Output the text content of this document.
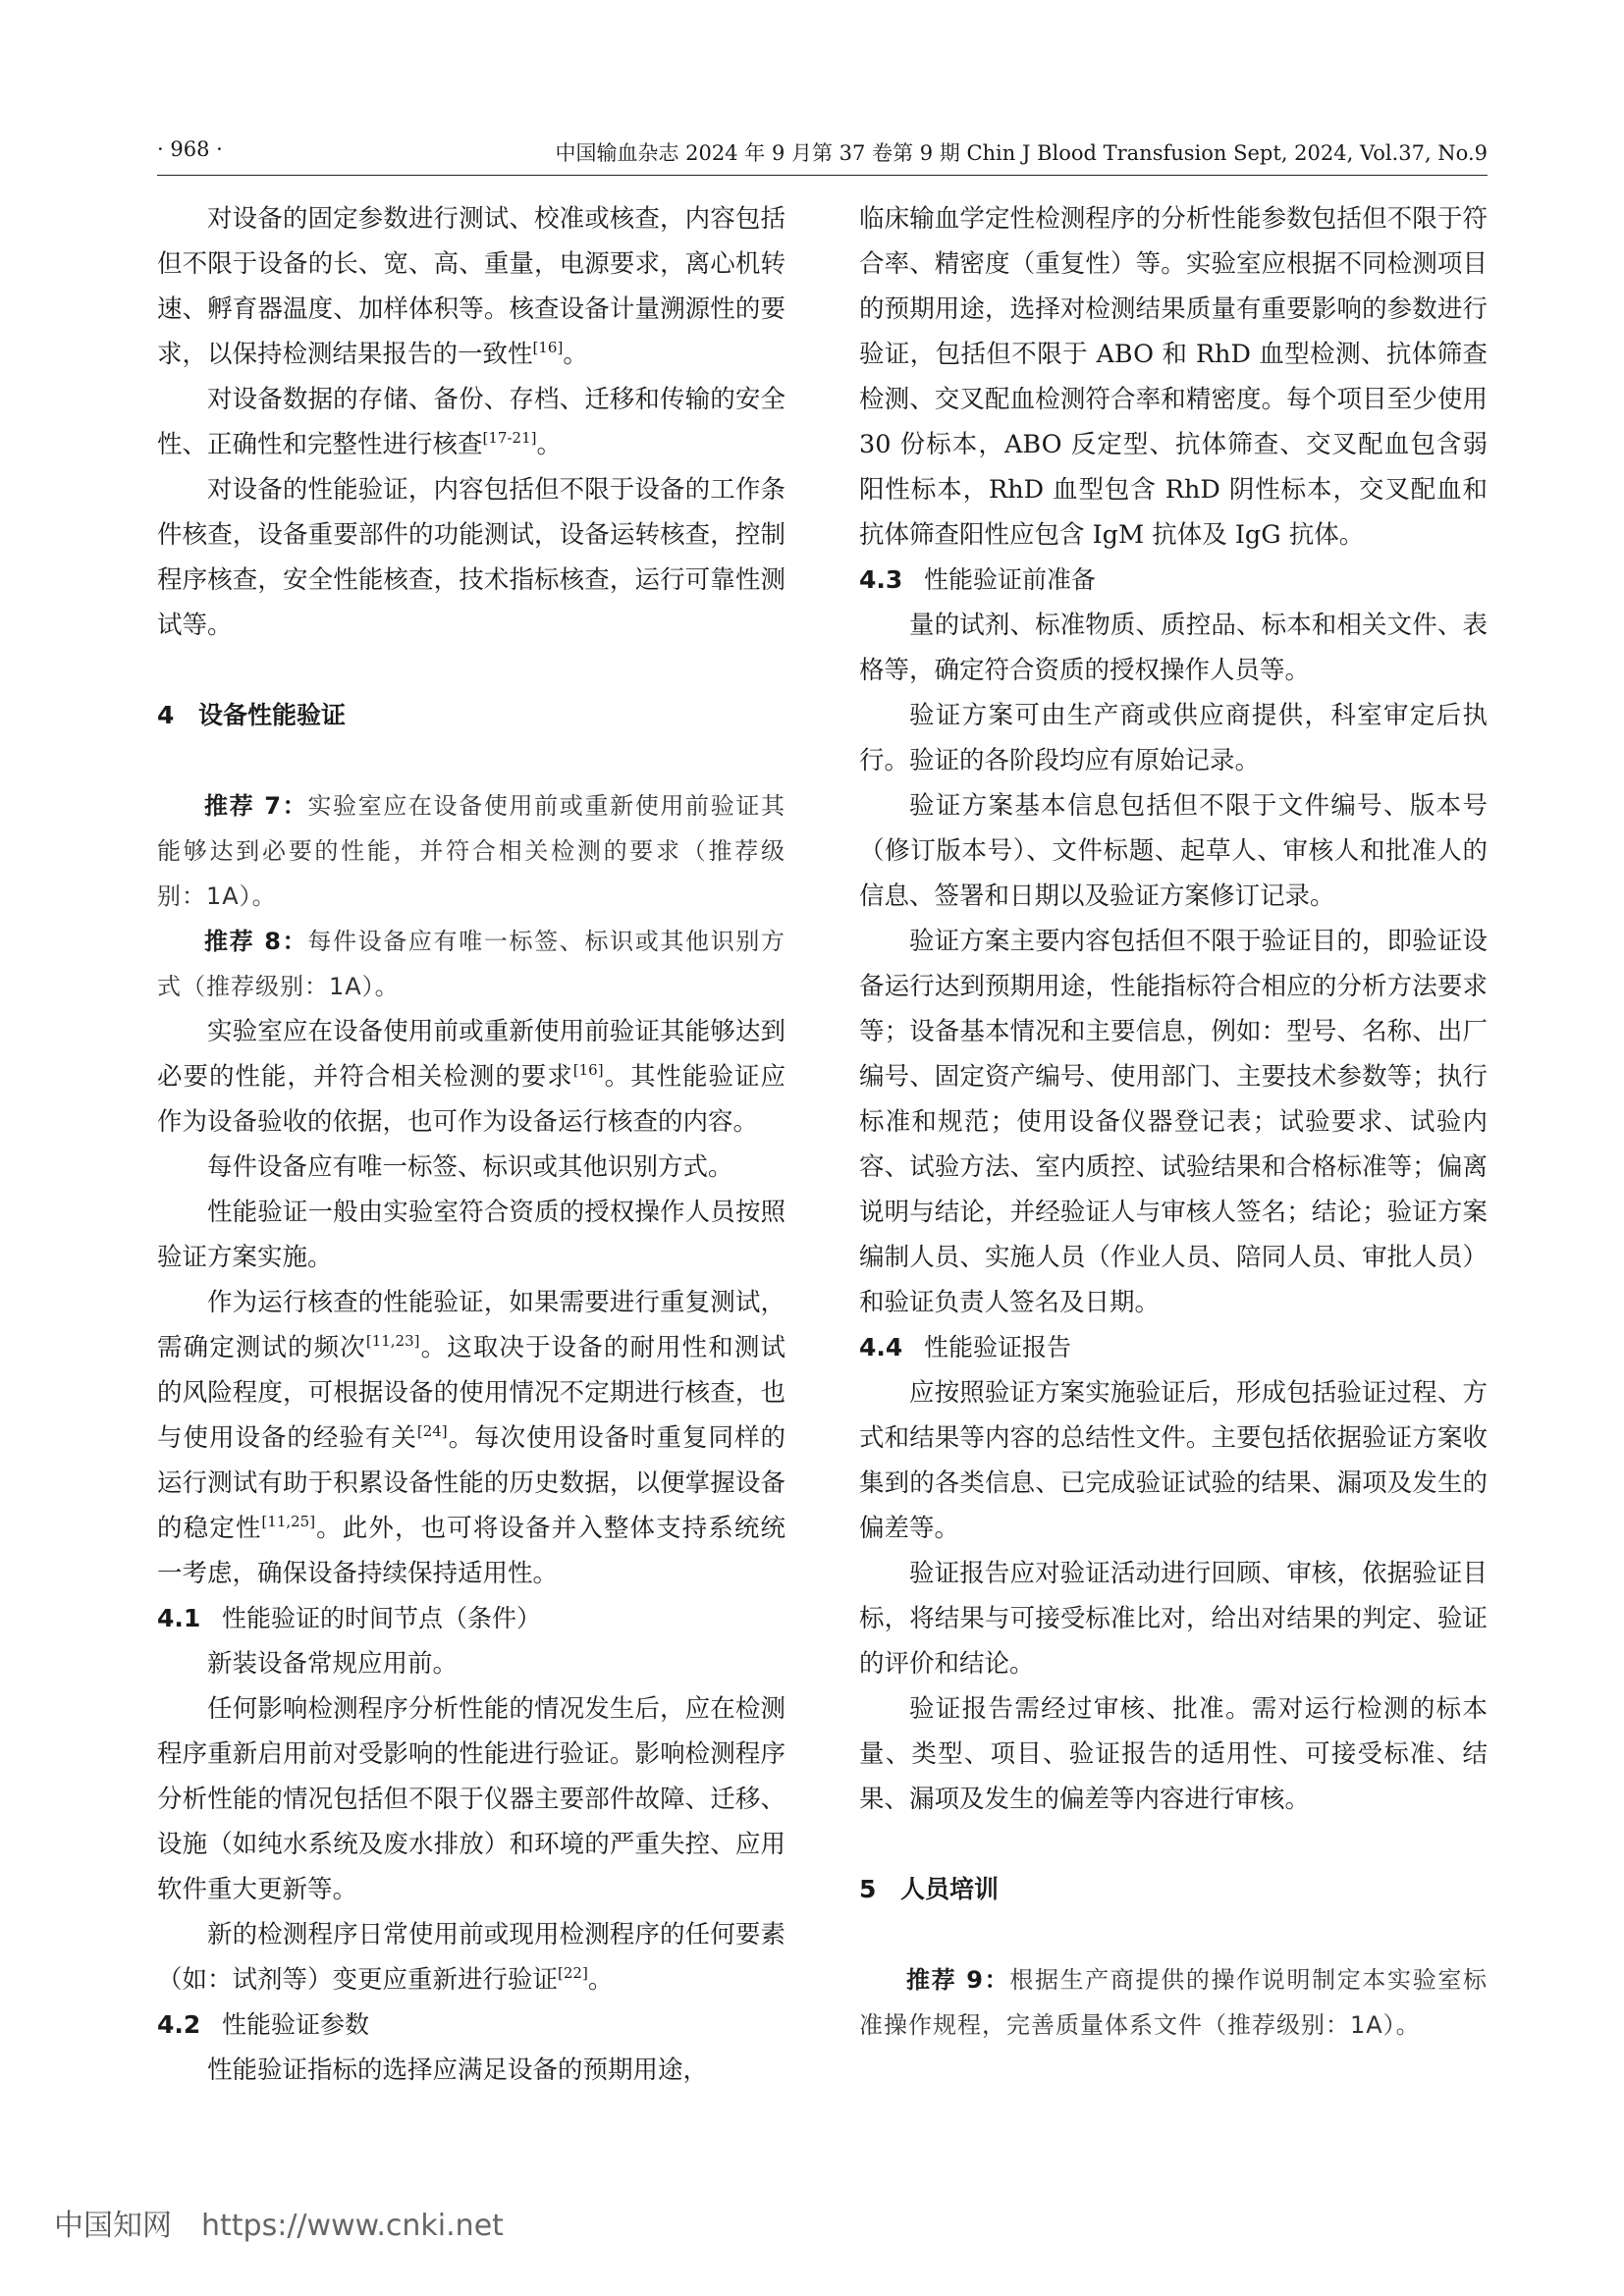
· 968 ·	中国输血杂志 2024 年 9 月第 37 卷第 9 期 Chin J Blood Transfusion Sept, 2024, Vol.37, No.9

对设备的固定参数进行测试、校准或核查，内容包括但不限于设备的长、宽、高、重量，电源要求，离心机转速、孵育器温度、加样体积等。核查设备计量溯源性的要求，以保持检测结果报告的一致性[16]。

对设备数据的存储、备份、存档、迁移和传输的安全性、正确性和完整性进行核查[17-21]。

对设备的性能验证，内容包括但不限于设备的工作条件核查，设备重要部件的功能测试，设备运转核查，控制程序核查，安全性能核查，技术指标核查，运行可靠性测试等。

4 设备性能验证

推荐 7：实验室应在设备使用前或重新使用前验证其能够达到必要的性能，并符合相关检测的要求（推荐级别：1A）。

推荐 8：每件设备应有唯一标签、标识或其他识别方式（推荐级别：1A）。

实验室应在设备使用前或重新使用前验证其能够达到必要的性能，并符合相关检测的要求[16]。其性能验证应作为设备验收的依据，也可作为设备运行核查的内容。

每件设备应有唯一标签、标识或其他识别方式。

性能验证一般由实验室符合资质的授权操作人员按照验证方案实施。

作为运行核查的性能验证，如果需要进行重复测试，需确定测试的频次[11,23]。这取决于设备的耐用性和测试的风险程度，可根据设备的使用情况不定期进行核查，也与使用设备的经验有关[24]。每次使用设备时重复同样的运行测试有助于积累设备性能的历史数据，以便掌握设备的稳定性[11,25]。此外，也可将设备并入整体支持系统统一考虑，确保设备持续保持适用性。

4.1 性能验证的时间节点（条件）

新装设备常规应用前。

任何影响检测程序分析性能的情况发生后，应在检测程序重新启用前对受影响的性能进行验证。影响检测程序分析性能的情况包括但不限于仪器主要部件故障、迁移、设施（如纯水系统及废水排放）和环境的严重失控、应用软件重大更新等。

新的检测程序日常使用前或现用检测程序的任何要素（如：试剂等）变更应重新进行验证[22]。

4.2 性能验证参数

性能验证指标的选择应满足设备的预期用途，

临床输血学定性检测程序的分析性能参数包括但不限于符合率、精密度（重复性）等。实验室应根据不同检测项目的预期用途，选择对检测结果质量有重要影响的参数进行验证，包括但不限于 ABO 和 RhD 血型检测、抗体筛查检测、交叉配血检测符合率和精密度。每个项目至少使用 30 份标本，ABO 反定型、抗体筛查、交叉配血包含弱阳性标本，RhD 血型包含 RhD 阴性标本，交叉配血和抗体筛查阳性应包含 IgM 抗体及 IgG 抗体。

4.3 性能验证前准备

量的试剂、标准物质、质控品、标本和相关文件、表格等，确定符合资质的授权操作人员等。

验证方案可由生产商或供应商提供，科室审定后执行。验证的各阶段均应有原始记录。

验证方案基本信息包括但不限于文件编号、版本号（修订版本号）、文件标题、起草人、审核人和批准人的信息、签署和日期以及验证方案修订记录。

验证方案主要内容包括但不限于验证目的，即验证设备运行达到预期用途，性能指标符合相应的分析方法要求等；设备基本情况和主要信息，例如：型号、名称、出厂编号、固定资产编号、使用部门、主要技术参数等；执行标准和规范；使用设备仪器登记表；试验要求、试验内容、试验方法、室内质控、试验结果和合格标准等；偏离说明与结论，并经验证人与审核人签名；结论；验证方案编制人员、实施人员（作业人员、陪同人员、审批人员）和验证负责人签名及日期。

4.4 性能验证报告

应按照验证方案实施验证后，形成包括验证过程、方式和结果等内容的总结性文件。主要包括依据验证方案收集到的各类信息、已完成验证试验的结果、漏项及发生的偏差等。

验证报告应对验证活动进行回顾、审核，依据验证目标，将结果与可接受标准比对，给出对结果的判定、验证的评价和结论。

验证报告需经过审核、批准。需对运行检测的标本量、类型、项目、验证报告的适用性、可接受标准、结果、漏项及发生的偏差等内容进行审核。

5 人员培训

推荐 9：根据生产商提供的操作说明制定本实验室标准操作规程，完善质量体系文件（推荐级别：1A）。

中国知网 https://www.cnki.net
